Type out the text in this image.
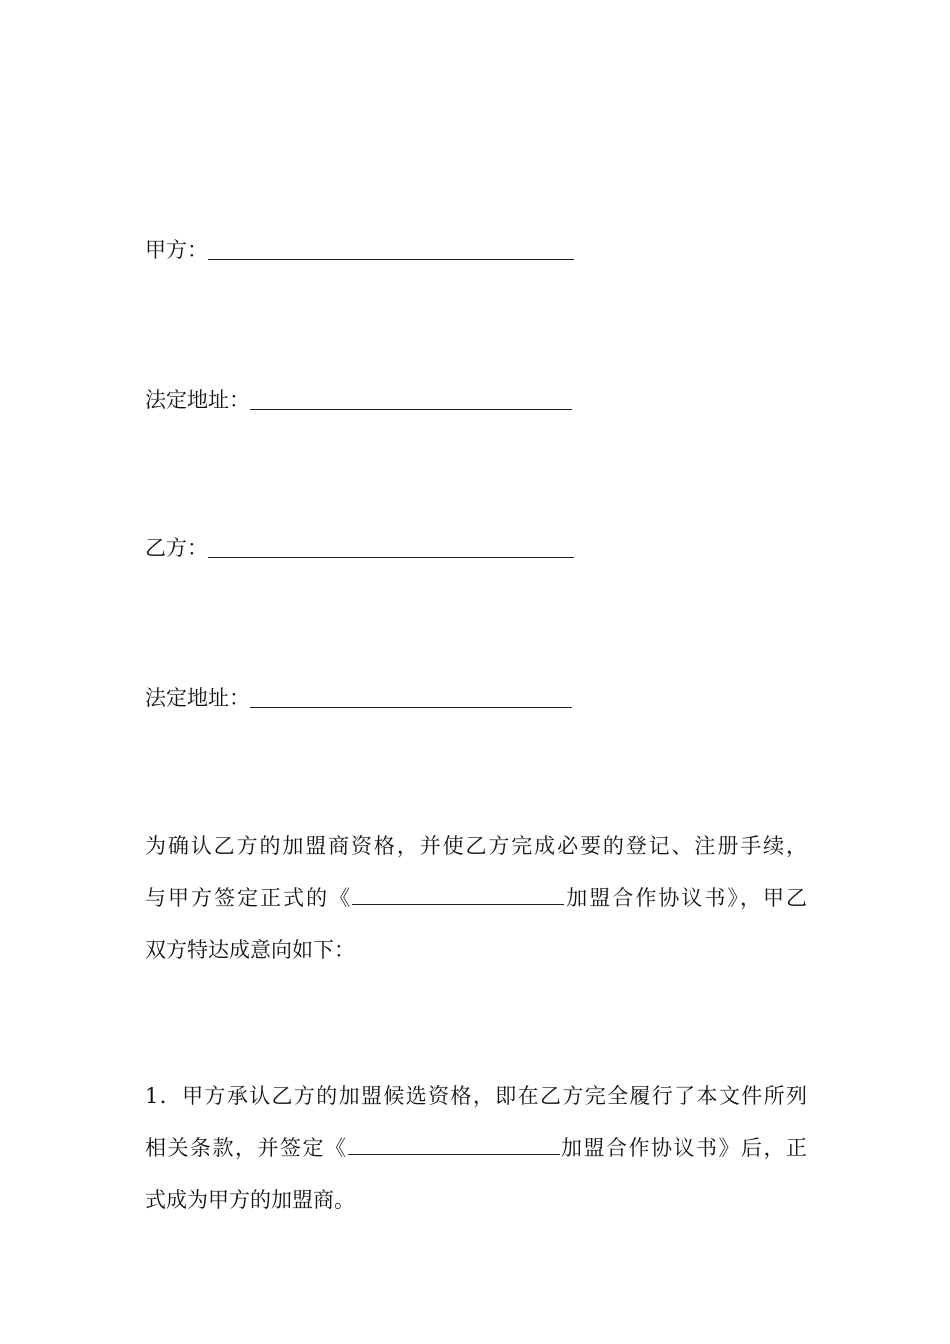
甲方：
法定地址：
乙方：
法定地址：
为确认乙方的加盟商资格，并使乙方完成必要的登记、注册手续，
与甲方签定正式的《	加盟合作协议书》，甲乙
双方特达成意向如下：
1．甲方承认乙方的加盟候选资格，即在乙方完全履行了本文件所列
相关条款，并签定《	加盟合作协议书》后，正
式成为甲方的加盟商。
